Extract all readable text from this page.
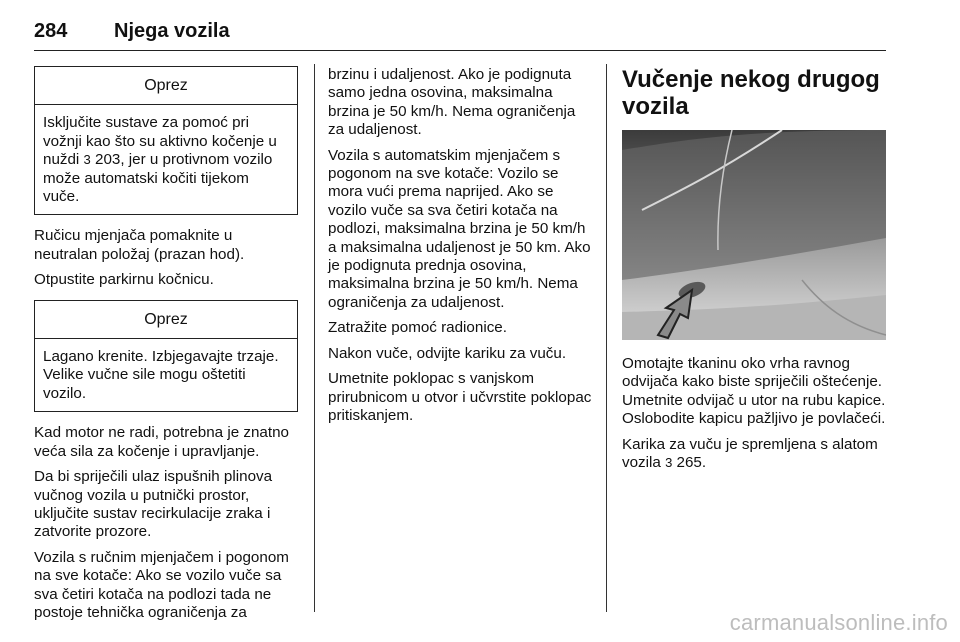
284 Njega vozila
Oprez
Isključite sustave za pomoć pri vožnji kao što su aktivno kočenje u nuždi 3 203, jer u protivnom vozilo može automatski kočiti tijekom vuče.

Ručicu mjenjača pomaknite u neutralan položaj (prazan hod).

Otpustite parkirnu kočnicu.

Oprez
Lagano krenite. Izbjegavajte trzaje. Velike vučne sile mogu oštetiti vozilo.

Kad motor ne radi, potrebna je znatno veća sila za kočenje i upravljanje.

Da bi spriječili ulaz ispušnih plinova vučnog vozila u putnički prostor, uključite sustav recirkulacije zraka i zatvorite prozore.

Vozila s ručnim mjenjačem i pogonom na sve kotače: Ako se vozilo vuče sa sva četiri kotača na podlozi tada ne postoje tehnička ograničenja za

brzinu i udaljenost. Ako je podignuta samo jedna osovina, maksimalna brzina je 50 km/h. Nema ograničenja za udaljenost.

Vozila s automatskim mjenjačem s pogonom na sve kotače: Vozilo se mora vući prema naprijed. Ako se vozilo vuče sa sva četiri kotača na podlozi, maksimalna brzina je 50 km/h a maksimalna udaljenost je 50 km. Ako je podignuta prednja osovina, maksimalna brzina je 50 km/h. Nema ograničenja za udaljenost.

Zatražite pomoć radionice.

Nakon vuče, odvijte kariku za vuču.

Umetnite poklopac s vanjskom prirubnicom u otvor i učvrstite poklopac pritiskanjem.

Vučenje nekog drugog vozila

Omotajte tkaninu oko vrha ravnog odvijača kako biste spriječili oštećenje. Umetnite odvijač u utor na rubu kapice. Oslobodite kapicu pažljivo je povlačeći.

Karika za vuču je spremljena s alatom vozila 3 265.

carmanualsonline.info
